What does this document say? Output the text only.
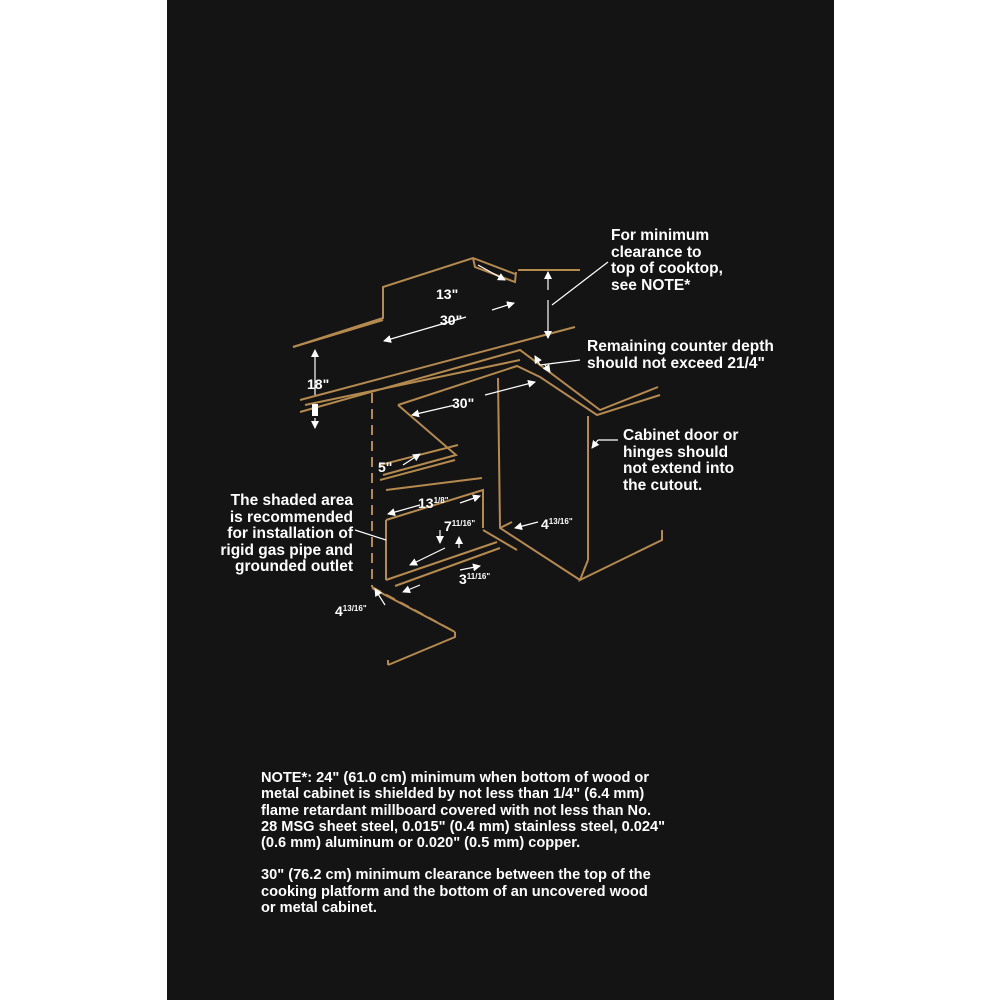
For minimum
clearance to
top of cooktop,
see NOTE*
Remaining counter depth
should not exceed 21/4"
Cabinet door or
hinges should
not extend into
the cutout.
The shaded area
is recommended
for installation of
rigid gas pipe and
grounded outlet
13"
30"
18"
30"
5"
$13^{1/8"}$
$7^{11/16"}$	$4^{13/16"}$
$3^{11/16"}$
$4^{13/16"}$

NOTE*: 24" (61.0 cm) minimum when bottom of wood or
metal cabinet is shielded by not less than 1/4" (6.4 mm)
flame retardant millboard covered with not less than No.
28 MSG sheet steel, 0.015" (0.4 mm) stainless steel, 0.024"
(0.6 mm) aluminum or 0.020" (0.5 mm) copper.

30" (76.2 cm) minimum clearance between the top of the
cooking platform and the bottom of an uncovered wood
or metal cabinet.
